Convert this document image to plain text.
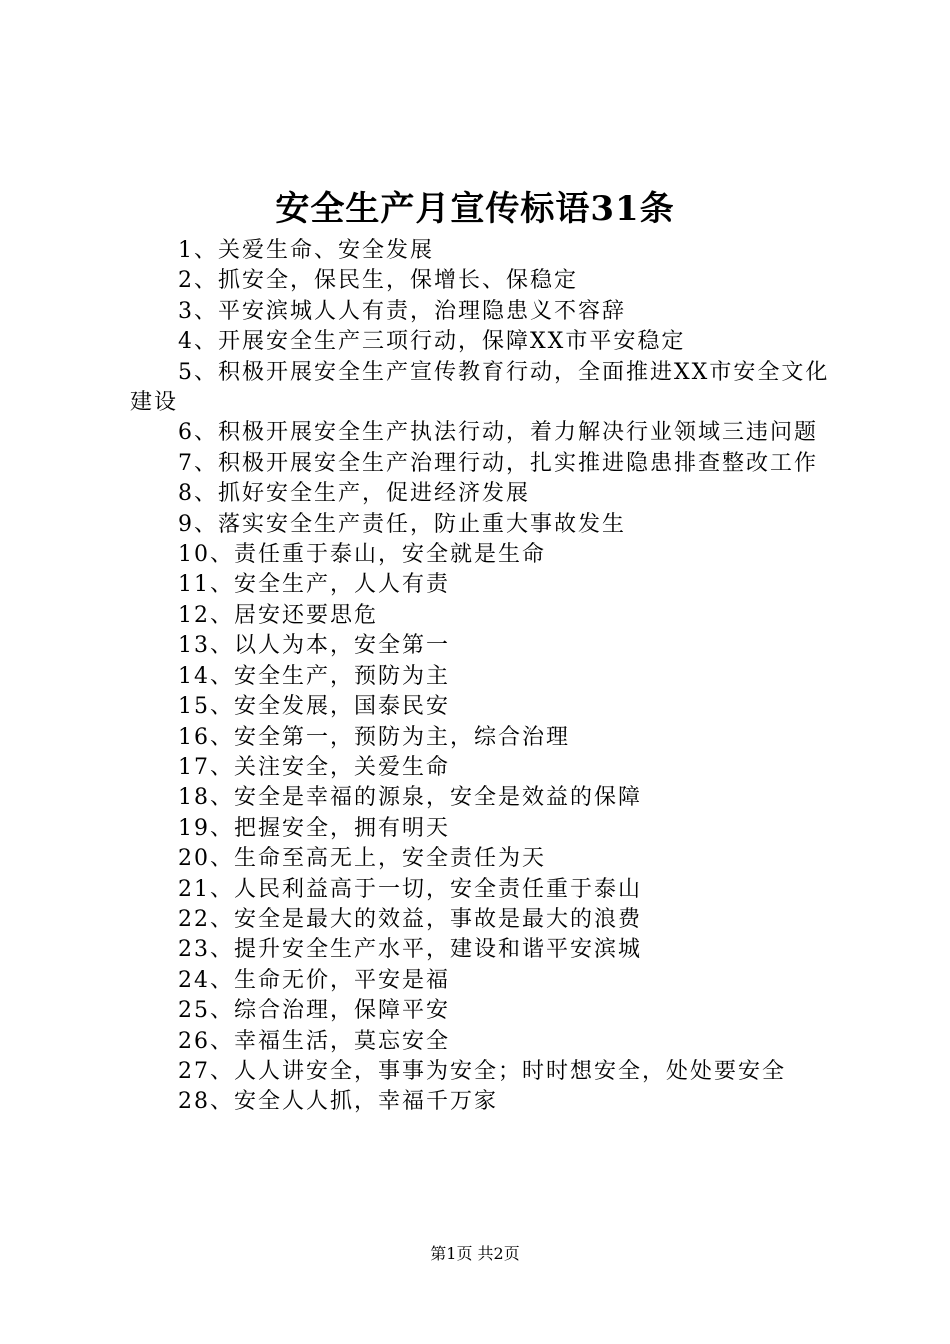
安全生产月宣传标语31条
1、关爱生命、安全发展
2、抓安全，保民生，保增长、保稳定
3、平安滨城人人有责，治理隐患义不容辞
4、开展安全生产三项行动，保障XX市平安稳定
5、积极开展安全生产宣传教育行动，全面推进XX市安全文化建设
6、积极开展安全生产执法行动，着力解决行业领域三违问题
7、积极开展安全生产治理行动，扎实推进隐患排查整改工作
8、抓好安全生产，促进经济发展
9、落实安全生产责任，防止重大事故发生
10、责任重于泰山，安全就是生命
11、安全生产，人人有责
12、居安还要思危
13、以人为本，安全第一
14、安全生产，预防为主
15、安全发展，国泰民安
16、安全第一，预防为主，综合治理
17、关注安全，关爱生命
18、安全是幸福的源泉，安全是效益的保障
19、把握安全，拥有明天
20、生命至高无上，安全责任为天
21、人民利益高于一切，安全责任重于泰山
22、安全是最大的效益，事故是最大的浪费
23、提升安全生产水平，建设和谐平安滨城
24、生命无价，平安是福
25、综合治理，保障平安
26、幸福生活，莫忘安全
27、人人讲安全，事事为安全；时时想安全，处处要安全
28、安全人人抓，幸福千万家
第1页 共2页
